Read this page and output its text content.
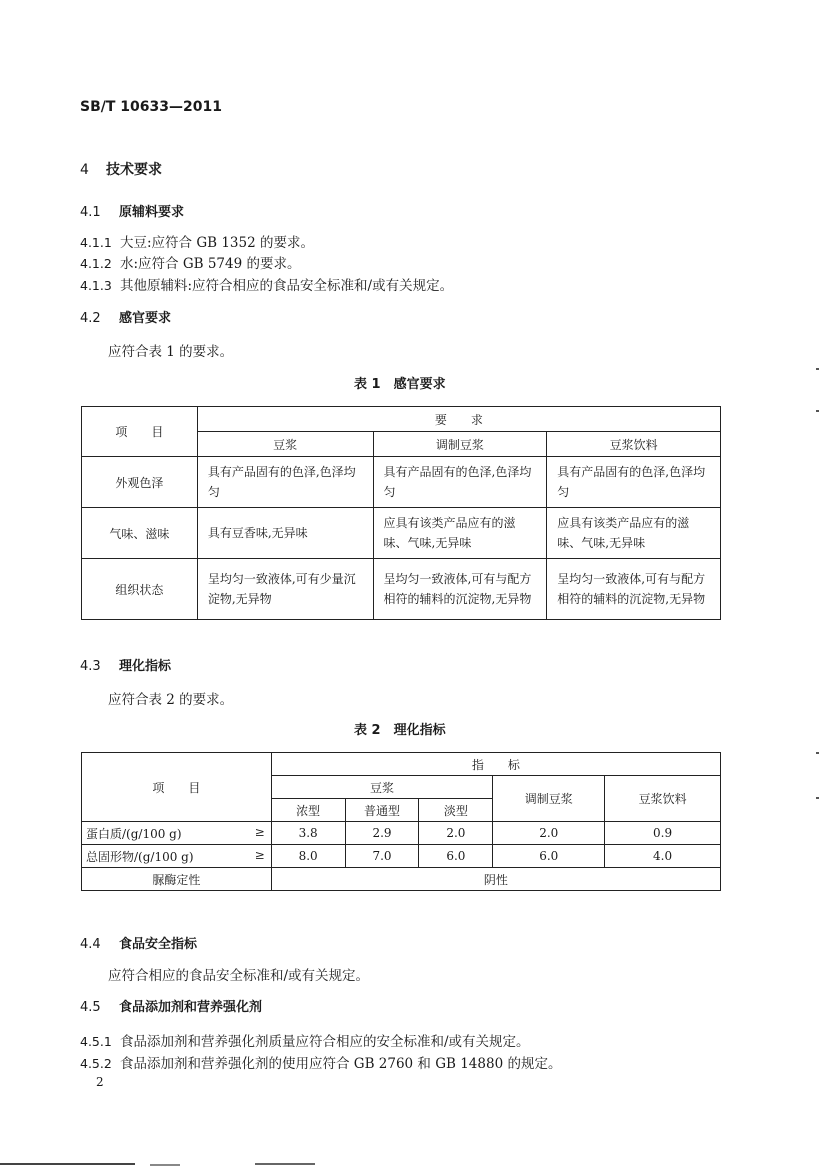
SB/T 10633—2011
4 技术要求
4.1 原辅料要求
4.1.1 大豆:应符合 GB 1352 的要求。
4.1.2 水:应符合 GB 5749 的要求。
4.1.3 其他原辅料:应符合相应的食品安全标准和/或有关规定。
4.2 感官要求
应符合表 1 的要求。
表 1　感官要求
项　　目	要　　求		
	豆浆	调制豆浆	豆浆饮料
外观色泽	具有产品固有的色泽,色泽均匀	具有产品固有的色泽,色泽均匀	具有产品固有的色泽,色泽均匀
气味、滋味	具有豆香味,无异味	应具有该类产品应有的滋味、气味,无异味	应具有该类产品应有的滋味、气味,无异味
组织状态	呈均匀一致液体,可有少量沉淀物,无异物	呈均匀一致液体,可有与配方相符的辅料的沉淀物,无异物	呈均匀一致液体,可有与配方相符的辅料的沉淀物,无异物
4.3 理化指标
应符合表 2 的要求。
表 2　理化指标
项　　目	指　　标				
	豆浆			调制豆浆	豆浆饮料
	浓型	普通型	淡型		
蛋白质/(g/100 g) ≥	3.8	2.9	2.0	2.0	0.9
总固形物/(g/100 g) ≥	8.0	7.0	6.0	6.0	4.0
脲酶定性	阴性				
4.4 食品安全指标
应符合相应的食品安全标准和/或有关规定。
4.5 食品添加剂和营养强化剂
4.5.1 食品添加剂和营养强化剂质量应符合相应的安全标准和/或有关规定。
4.5.2 食品添加剂和营养强化剂的使用应符合 GB 2760 和 GB 14880 的规定。
2
